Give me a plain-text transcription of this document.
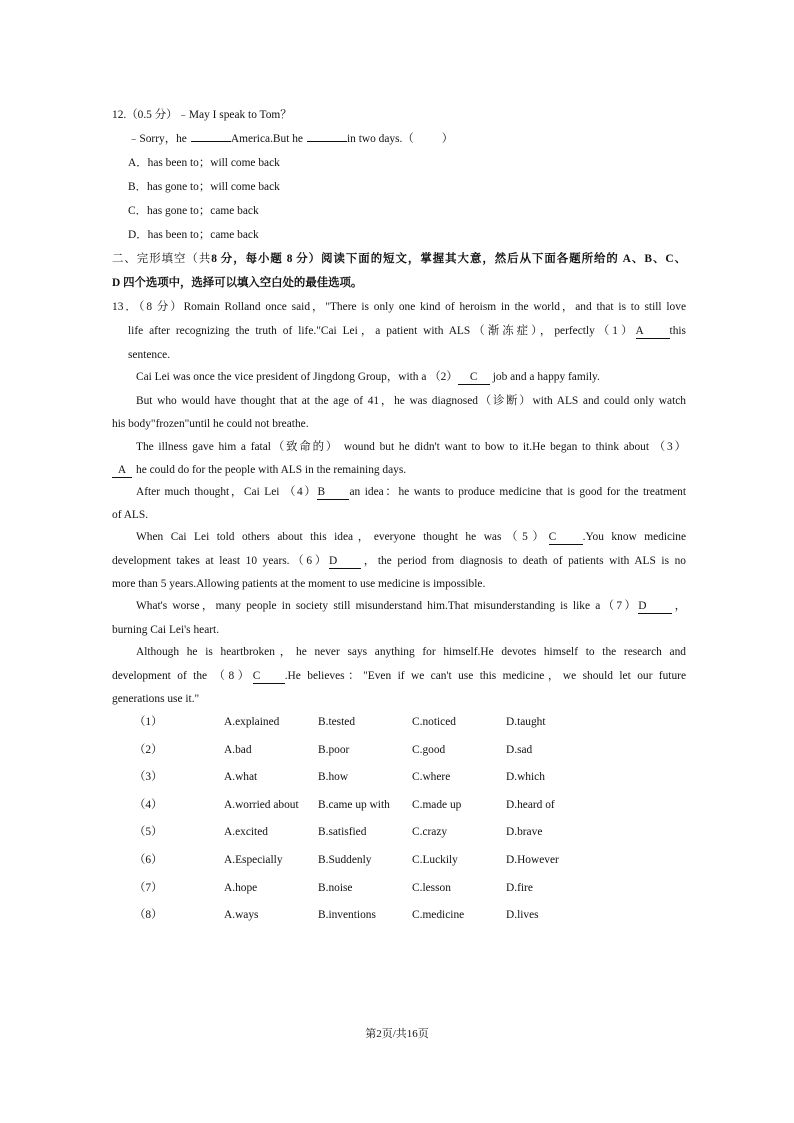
12.（0.5 分）﹣May I speak to Tom？
﹣Sorry，he	America.But he	in two days.（ ）
A．has been to；will come back
B．has gone to；will come back
C．has gone to；came back
D．has been to；came back
二、完形填空（共8 分，每小题 8 分）阅读下面的短文，掌握其大意，然后从下面各题所给的 A、B、C、
D 四个选项中，选择可以填入空白处的最佳选项。
13．（8 分）Romain Rolland once said，"There is only one kind of heroism in the world，and that is to still love
life after recognizing the truth of life."Cai Lei，a patient with ALS（渐冻症），perfectly（1）A this
sentence.
Cai Lei was once the vice president of Jingdong Group，with a （2） C job and a happy family.
But who would have thought that at the age of 41，he was diagnosed（诊断）with ALS and could only watch
his body"frozen"until he could not breathe.
The illness gave him a fatal（致命的） wound but he didn't want to bow to it.He began to think about （3）
A he could do for the people with ALS in the remaining days.
After much thought，Cai Lei （4）B an idea：he wants to produce medicine that is good for the treatment
of ALS.
When Cai Lei told others about this idea，everyone thought he was（5）C .You know medicine
development takes at least 10 years.（6）D ，the period from diagnosis to death of patients with ALS is no
more than 5 years.Allowing patients at the moment to use medicine is impossible.
What's worse，many people in society still misunderstand him.That misunderstanding is like a（7）D ，
burning Cai Lei's heart.
Although he is heartbroken，he never says anything for himself.He devotes himself to the research and
development of the （8）C .He believes："Even if we can't use this medicine，we should let our future
generations use it."
（1）	A.explained	B.tested	C.noticed	D.taught
（2）	A.bad	B.poor	C.good	D.sad
（3）	A.what	B.how	C.where	D.which
（4）	A.worried about B.came up with C.made up	D.heard of
（5）	A.excited	B.satisfied	C.crazy	D.brave
（6）	A.Especially	B.Suddenly	C.Luckily	D.However
（7）	A.hope	B.noise	C.lesson	D.fire
（8）	A.ways	B.inventions	C.medicine	D.lives
第2页/共16页
